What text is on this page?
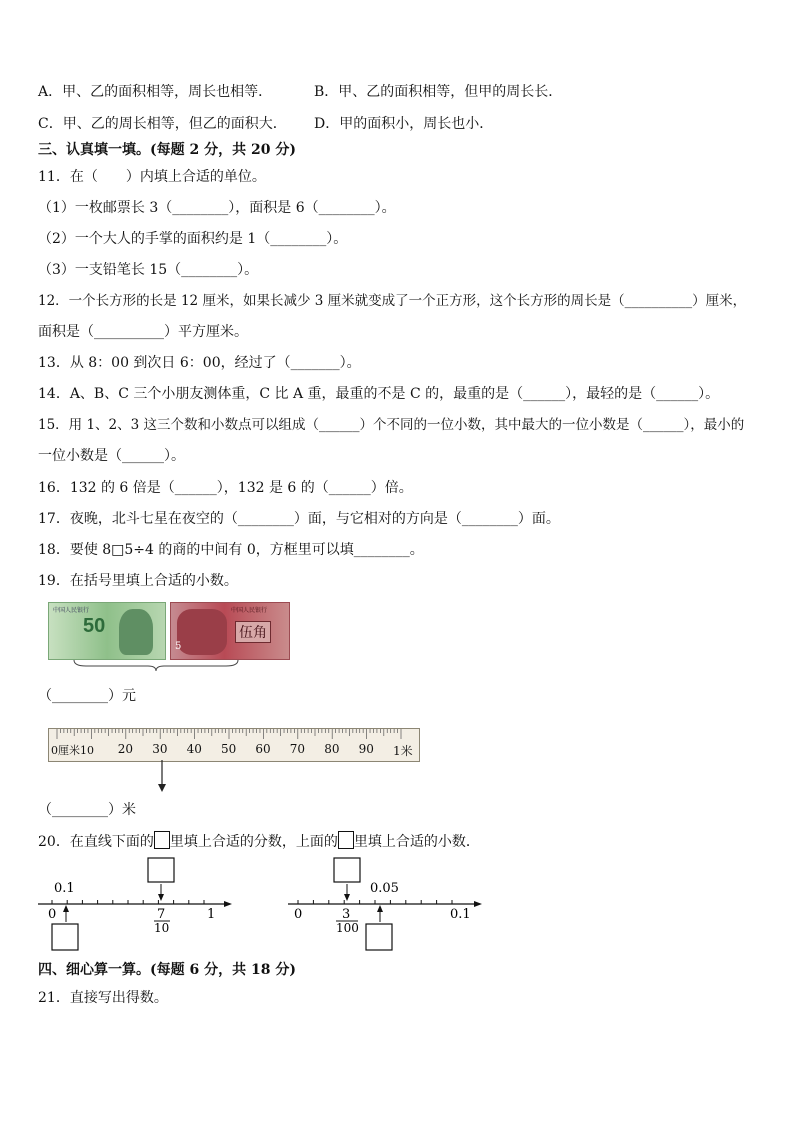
A．甲、乙的面积相等，周长也相等．	B．甲、乙的面积相等，但甲的周长长．
C．甲、乙的周长相等，但乙的面积大． D．甲的面积小，周长也小．
三、认真填一填。(每题 2 分，共 20 分)
11．在（　　）内填上合适的单位。
（1）一枚邮票长 3（________），面积是 6（________）。
（2）一个大人的手掌的面积约是 1（________）。
（3）一支铅笔长 15（________）。
12．一个长方形的长是 12 厘米，如果长减少 3 厘米就变成了一个正方形，这个长方形的周长是（__________）厘米，
面积是（__________）平方厘米。
13．从 8：00 到次日 6：00，经过了（_______）。
14．A、B、C 三个小朋友测体重，C 比 A 重，最重的不是 C 的，最重的是（______），最轻的是（______）。
15．用 1、2、3 这三个数和小数点可以组成（______）个不同的一位小数，其中最大的一位小数是（______），最小的
一位小数是（______）。
16．132 的 6 倍是（______），132 是 6 的（______）倍。
17．夜晚，北斗七星在夜空的（________）面，与它相对的方向是（________）面。
18．要使 8□5÷4 的商的中间有 0，方框里可以填________。
19．在括号里填上合适的小数。
50
中国人民银行	中国人民银行
伍角
5
（________）元
0厘米10 20 30 40 50 60 70 80 90 1米
（________）米
20．在直线下面的 里填上合适的分数，上面的 里填上合适的小数．
0.1
0	1
7
10
0.05
0	0.1
3
100
四、细心算一算。(每题 6 分，共 18 分)
21．直接写出得数。
